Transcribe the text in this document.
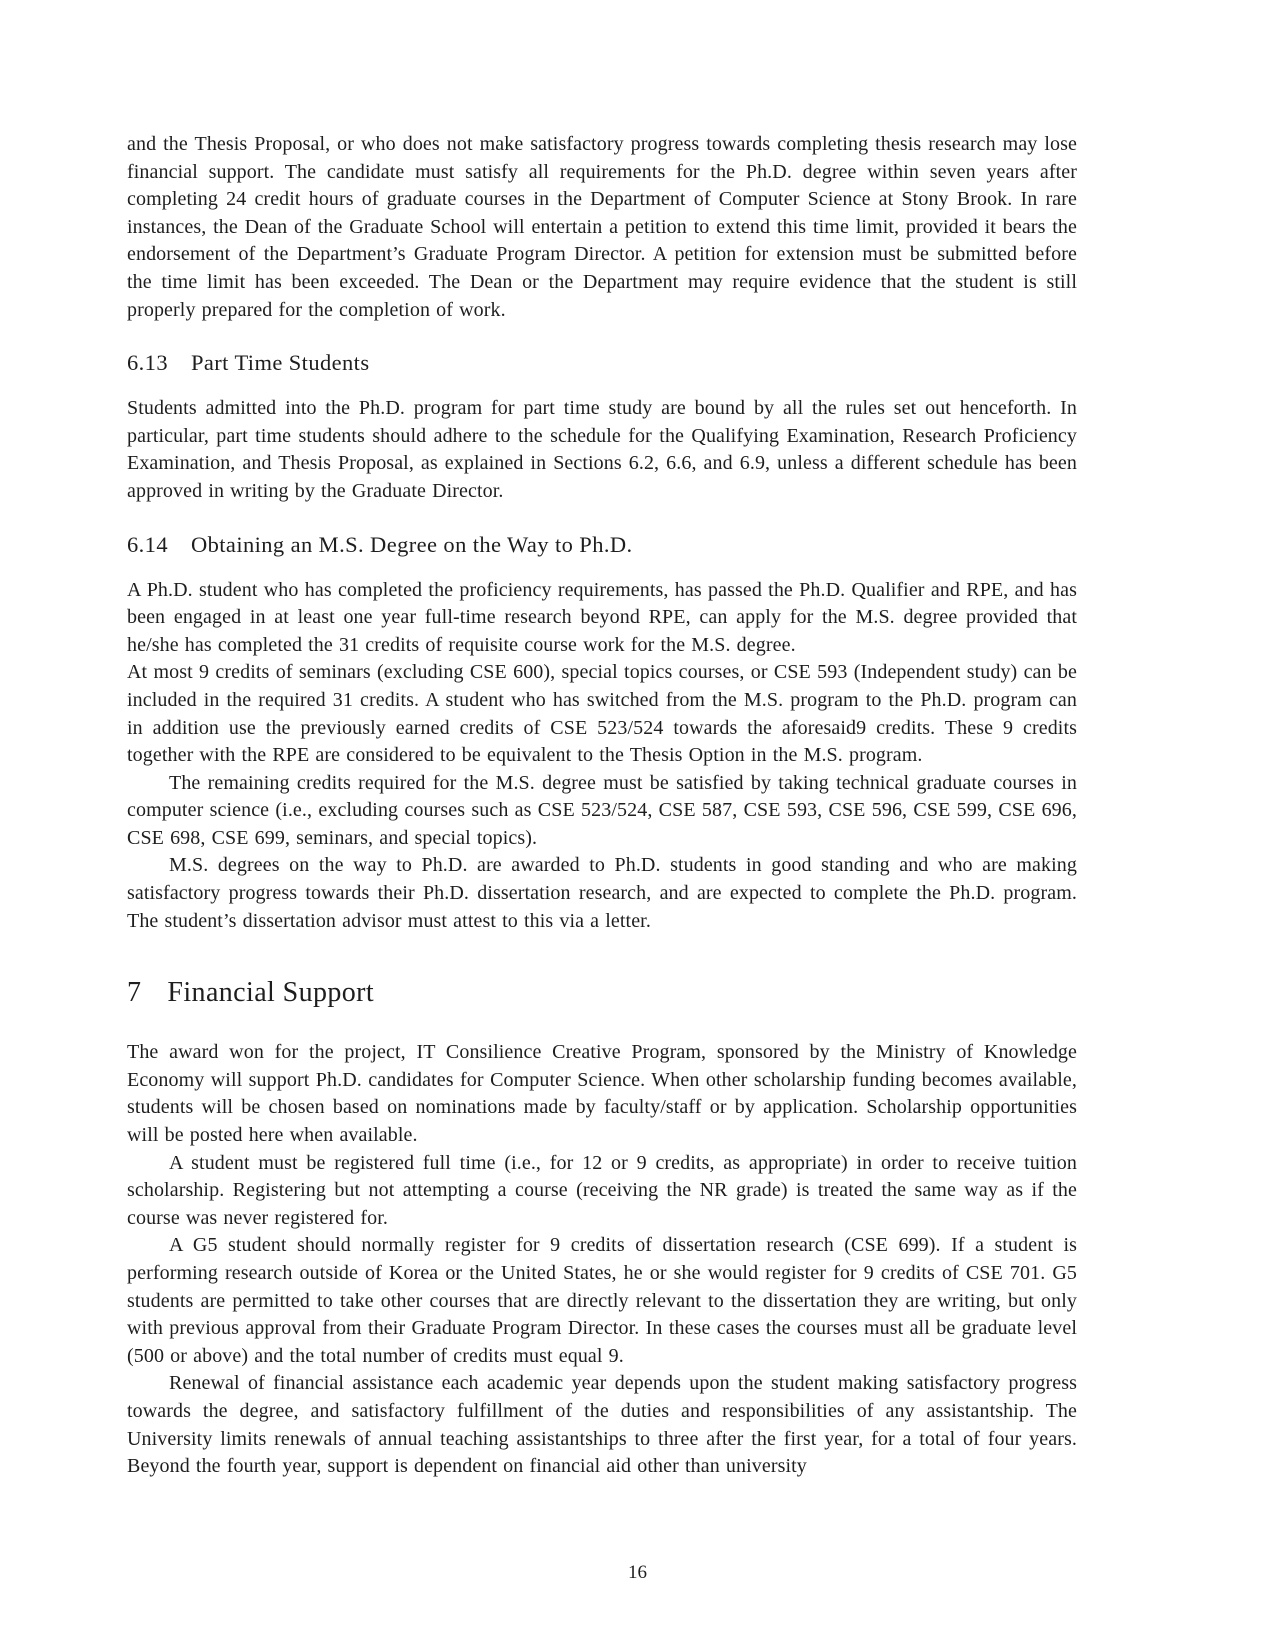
and the Thesis Proposal, or who does not make satisfactory progress towards completing thesis research may lose financial support. The candidate must satisfy all requirements for the Ph.D. degree within seven years after completing 24 credit hours of graduate courses in the Department of Computer Science at Stony Brook. In rare instances, the Dean of the Graduate School will entertain a petition to extend this time limit, provided it bears the endorsement of the Department’s Graduate Program Director. A petition for extension must be submitted before the time limit has been exceeded. The Dean or the Department may require evidence that the student is still properly prepared for the completion of work.

6.13 Part Time Students

Students admitted into the Ph.D. program for part time study are bound by all the rules set out henceforth. In particular, part time students should adhere to the schedule for the Qualifying Examination, Research Proficiency Examination, and Thesis Proposal, as explained in Sections 6.2, 6.6, and 6.9, unless a different schedule has been approved in writing by the Graduate Director.

6.14 Obtaining an M.S. Degree on the Way to Ph.D.

A Ph.D. student who has completed the proficiency requirements, has passed the Ph.D. Qualifier and RPE, and has been engaged in at least one year full-time research beyond RPE, can apply for the M.S. degree provided that he/she has completed the 31 credits of requisite course work for the M.S. degree.

At most 9 credits of seminars (excluding CSE 600), special topics courses, or CSE 593 (Independent study) can be included in the required 31 credits. A student who has switched from the M.S. program to the Ph.D. program can in addition use the previously earned credits of CSE 523/524 towards the aforesaid9 credits. These 9 credits together with the RPE are considered to be equivalent to the Thesis Option in the M.S. program.

The remaining credits required for the M.S. degree must be satisfied by taking technical graduate courses in computer science (i.e., excluding courses such as CSE 523/524, CSE 587, CSE 593, CSE 596, CSE 599, CSE 696, CSE 698, CSE 699, seminars, and special topics).

M.S. degrees on the way to Ph.D. are awarded to Ph.D. students in good standing and who are making satisfactory progress towards their Ph.D. dissertation research, and are expected to complete the Ph.D. program. The student’s dissertation advisor must attest to this via a letter.

7 Financial Support

The award won for the project, IT Consilience Creative Program, sponsored by the Ministry of Knowledge Economy will support Ph.D. candidates for Computer Science. When other scholarship funding becomes available, students will be chosen based on nominations made by faculty/staff or by application. Scholarship opportunities will be posted here when available.

A student must be registered full time (i.e., for 12 or 9 credits, as appropriate) in order to receive tuition scholarship. Registering but not attempting a course (receiving the NR grade) is treated the same way as if the course was never registered for.

A G5 student should normally register for 9 credits of dissertation research (CSE 699). If a student is performing research outside of Korea or the United States, he or she would register for 9 credits of CSE 701. G5 students are permitted to take other courses that are directly relevant to the dissertation they are writing, but only with previous approval from their Graduate Program Director. In these cases the courses must all be graduate level (500 or above) and the total number of credits must equal 9.

Renewal of financial assistance each academic year depends upon the student making satisfactory progress towards the degree, and satisfactory fulfillment of the duties and responsibilities of any assistantship. The University limits renewals of annual teaching assistantships to three after the first year, for a total of four years. Beyond the fourth year, support is dependent on financial aid other than university

16
